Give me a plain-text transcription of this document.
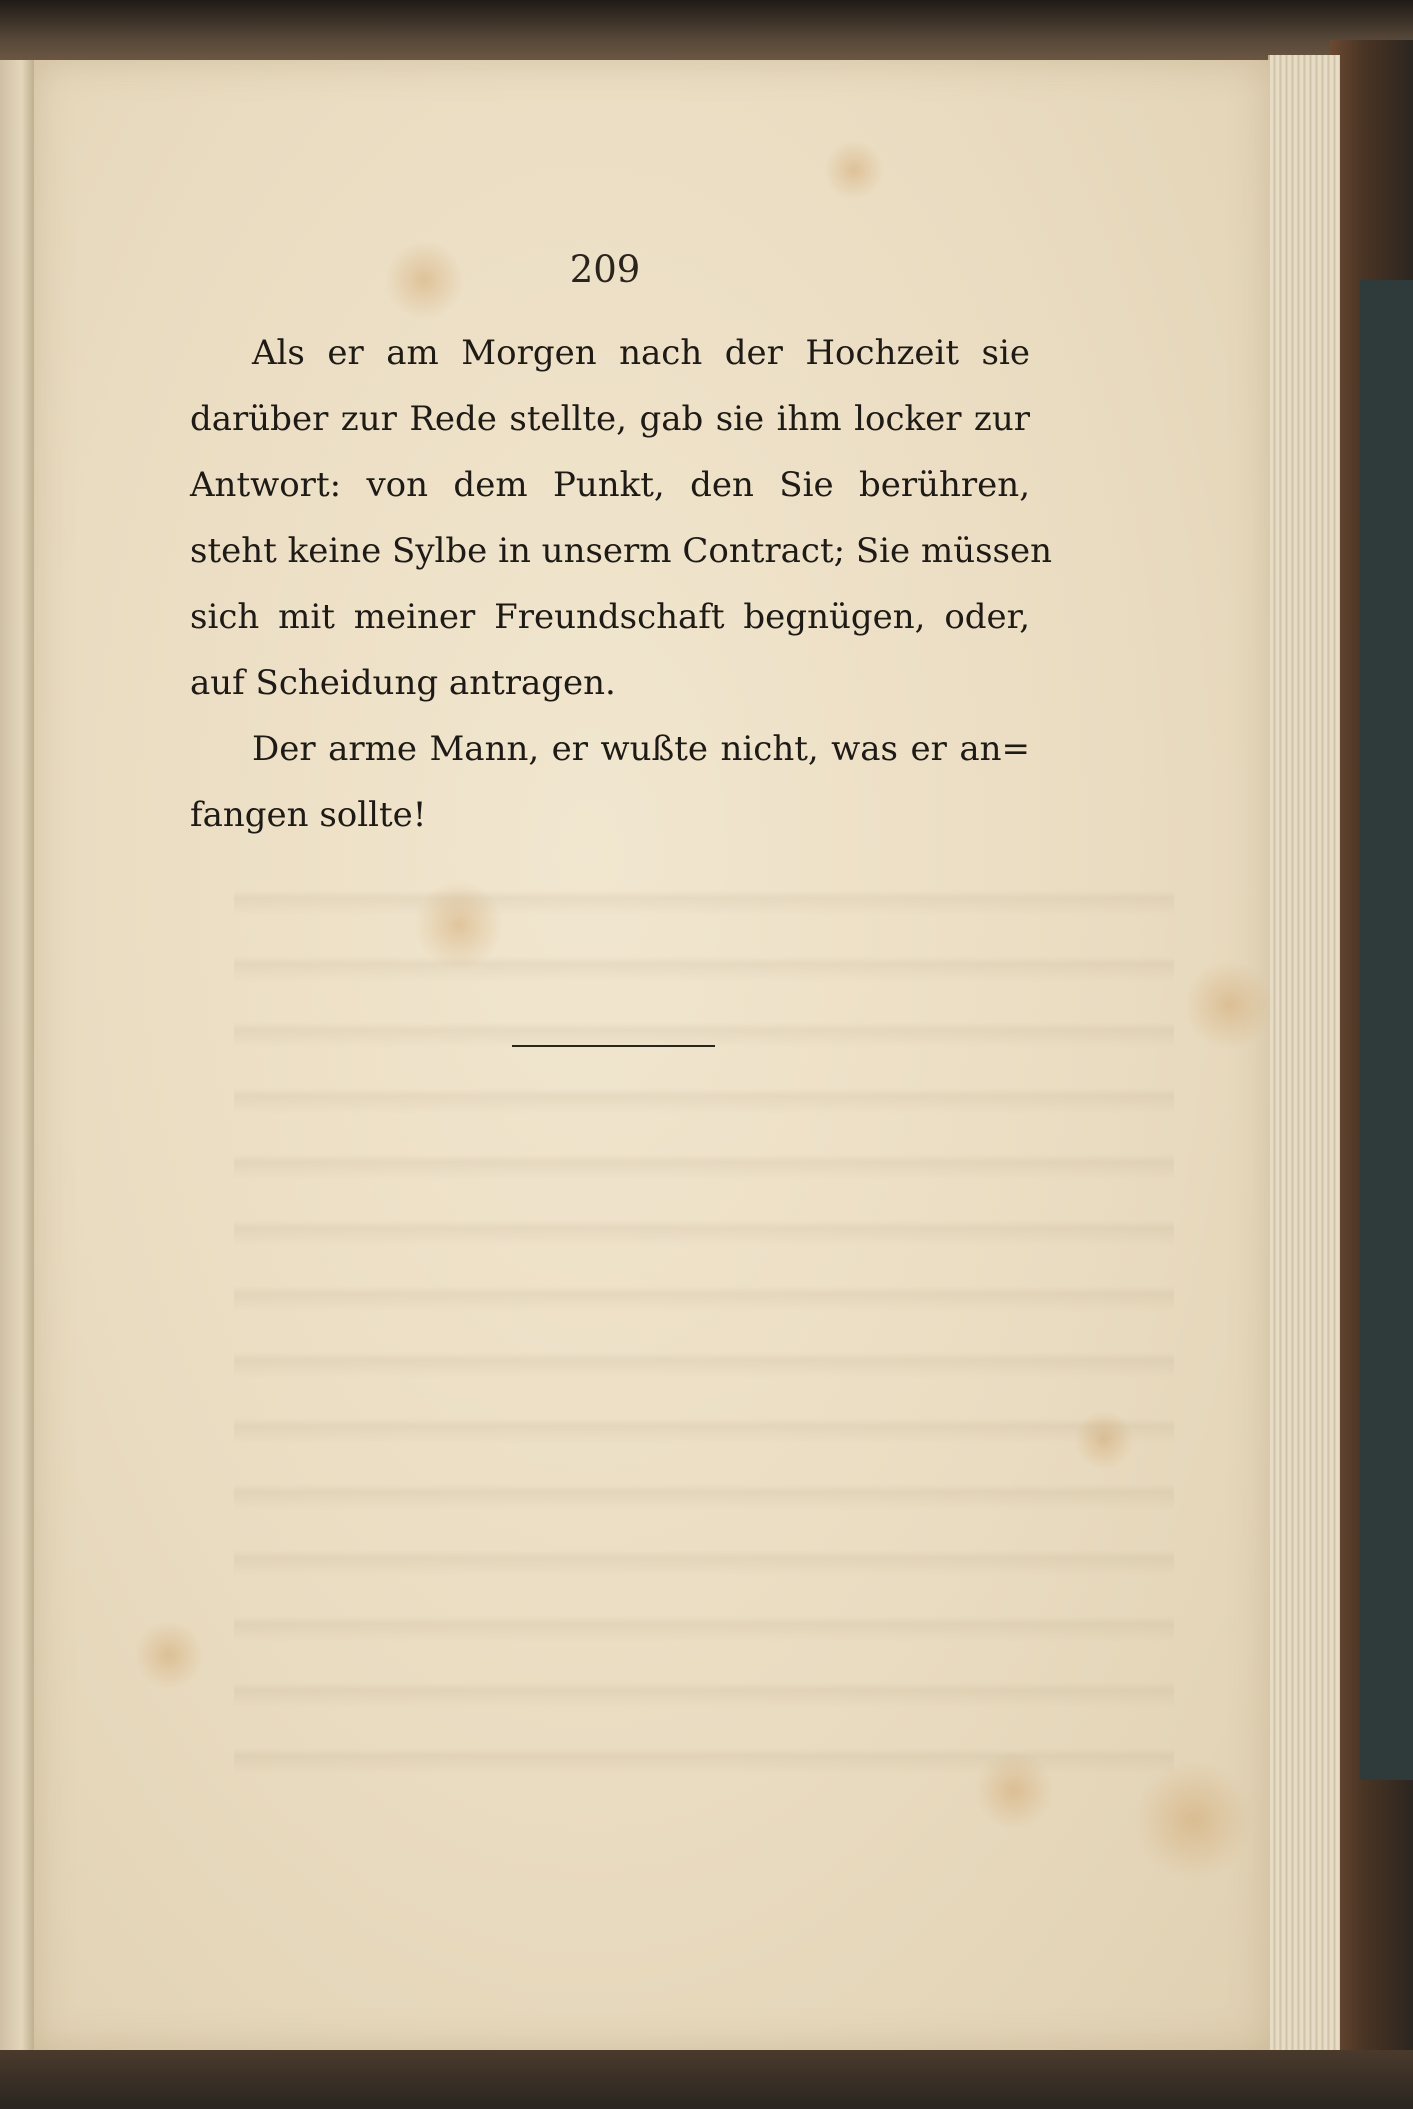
209
Als er am Morgen nach der Hochzeit sie
darüber zur Rede stellte, gab sie ihm locker zur
Antwort: von dem Punkt, den Sie berühren,
steht keine Sylbe in unserm Contract; Sie müssen
sich mit meiner Freundschaft begnügen, oder,
auf Scheidung antragen.
Der arme Mann, er wußte nicht, was er an=
fangen sollte!
